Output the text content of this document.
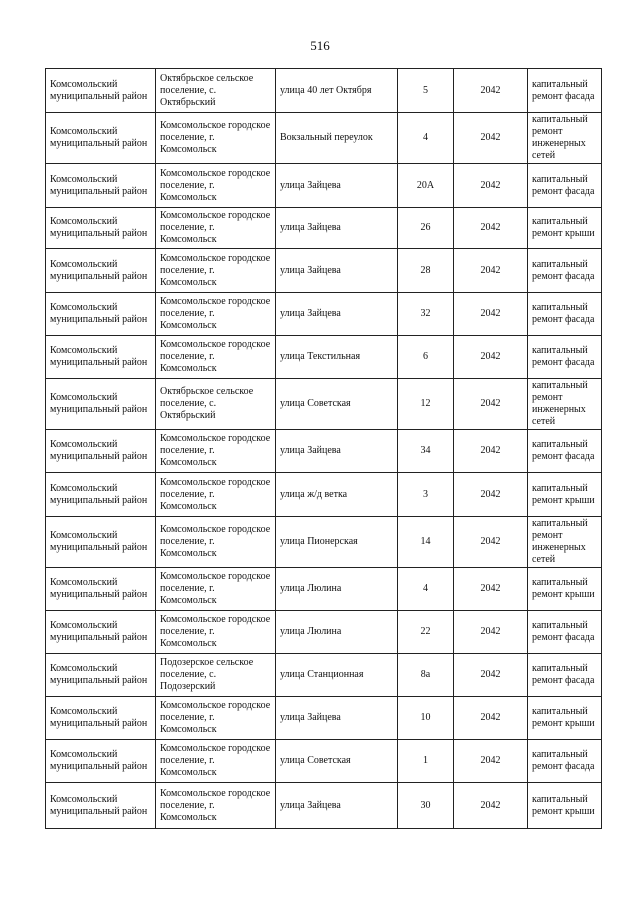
516
Комсомольский муниципальный район	Октябрьское сельское поселение, с. Октябрьский	улица 40 лет Октября	5	2042	капитальный ремонт фасада
Комсомольский муниципальный район	Комсомольское городское поселение, г. Комсомольск	Вокзальный переулок	4	2042	капитальный ремонт инженерных сетей
Комсомольский муниципальный район	Комсомольское городское поселение, г. Комсомольск	улица Зайцева	20А	2042	капитальный ремонт фасада
Комсомольский муниципальный район	Комсомольское городское поселение, г. Комсомольск	улица Зайцева	26	2042	капитальный ремонт крыши
Комсомольский муниципальный район	Комсомольское городское поселение, г. Комсомольск	улица Зайцева	28	2042	капитальный ремонт фасада
Комсомольский муниципальный район	Комсомольское городское поселение, г. Комсомольск	улица Зайцева	32	2042	капитальный ремонт фасада
Комсомольский муниципальный район	Комсомольское городское поселение, г. Комсомольск	улица Текстильная	6	2042	капитальный ремонт фасада
Комсомольский муниципальный район	Октябрьское сельское поселение, с. Октябрьский	улица Советская	12	2042	капитальный ремонт инженерных сетей
Комсомольский муниципальный район	Комсомольское городское поселение, г. Комсомольск	улица Зайцева	34	2042	капитальный ремонт фасада
Комсомольский муниципальный район	Комсомольское городское поселение, г. Комсомольск	улица ж/д ветка	3	2042	капитальный ремонт крыши
Комсомольский муниципальный район	Комсомольское городское поселение, г. Комсомольск	улица Пионерская	14	2042	капитальный ремонт инженерных сетей
Комсомольский муниципальный район	Комсомольское городское поселение, г. Комсомольск	улица Люлина	4	2042	капитальный ремонт крыши
Комсомольский муниципальный район	Комсомольское городское поселение, г. Комсомольск	улица Люлина	22	2042	капитальный ремонт фасада
Комсомольский муниципальный район	Подозерское сельское поселение, с. Подозерский	улица Станционная	8а	2042	капитальный ремонт фасада
Комсомольский муниципальный район	Комсомольское городское поселение, г. Комсомольск	улица Зайцева	10	2042	капитальный ремонт крыши
Комсомольский муниципальный район	Комсомольское городское поселение, г. Комсомольск	улица Советская	1	2042	капитальный ремонт фасада
Комсомольский муниципальный район	Комсомольское городское поселение, г. Комсомольск	улица Зайцева	30	2042	капитальный ремонт крыши
